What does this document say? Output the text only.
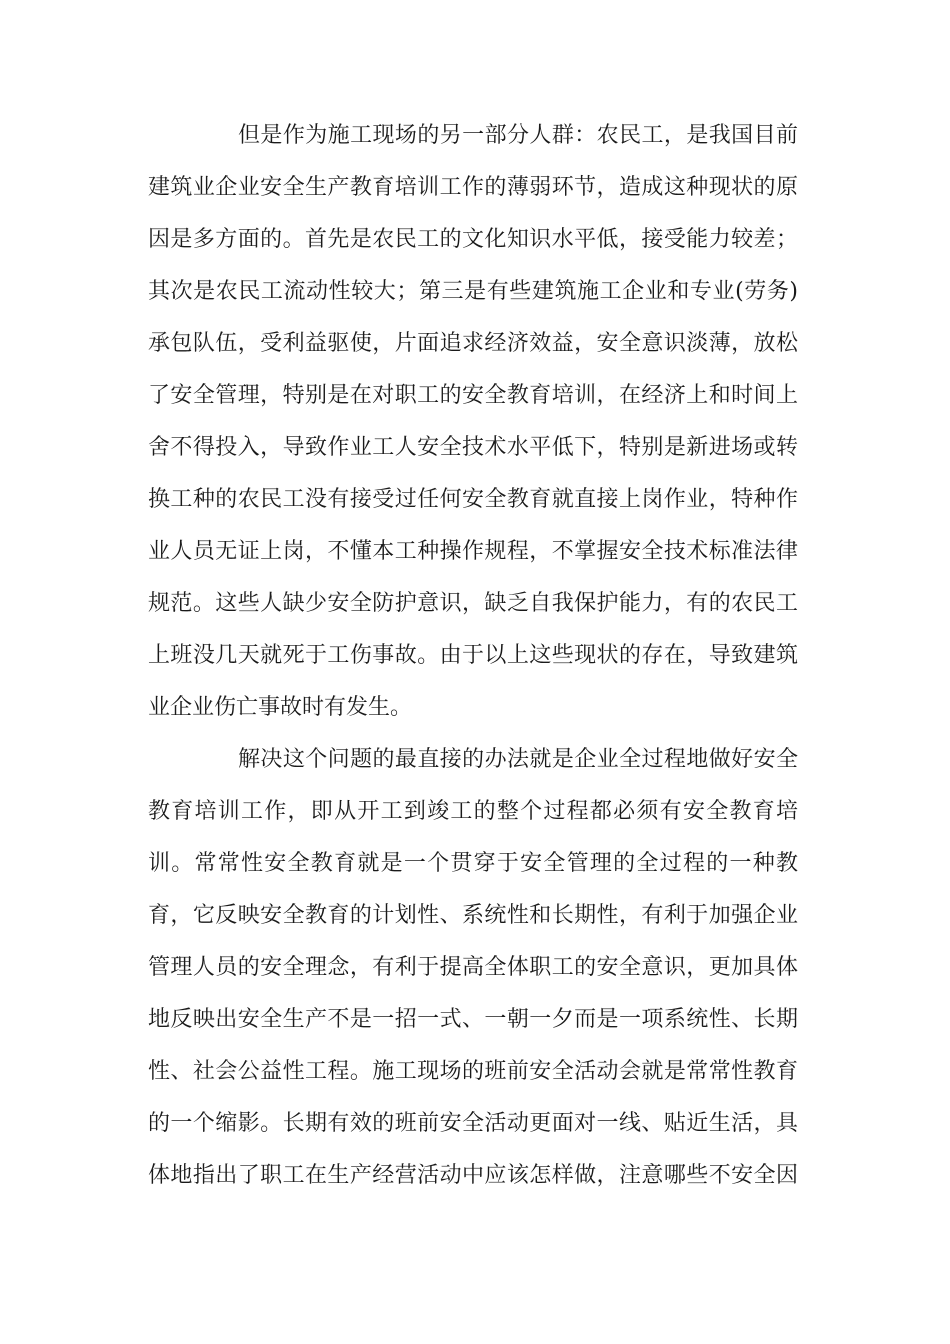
但是作为施工现场的另一部分人群：农民工，是我国目前
建筑业企业安全生产教育培训工作的薄弱环节，造成这种现状的原
因是多方面的。首先是农民工的文化知识水平低，接受能力较差；
其次是农民工流动性较大；第三是有些建筑施工企业和专业(劳务)
承包队伍，受利益驱使，片面追求经济效益，安全意识淡薄，放松
了安全管理，特别是在对职工的安全教育培训，在经济上和时间上
舍不得投入，导致作业工人安全技术水平低下，特别是新进场或转
换工种的农民工没有接受过任何安全教育就直接上岗作业，特种作
业人员无证上岗，不懂本工种操作规程，不掌握安全技术标准法律
规范。这些人缺少安全防护意识，缺乏自我保护能力，有的农民工
上班没几天就死于工伤事故。由于以上这些现状的存在，导致建筑
业企业伤亡事故时有发生。
解决这个问题的最直接的办法就是企业全过程地做好安全
教育培训工作，即从开工到竣工的整个过程都必须有安全教育培
训。常常性安全教育就是一个贯穿于安全管理的全过程的一种教
育，它反映安全教育的计划性、系统性和长期性，有利于加强企业
管理人员的安全理念，有利于提高全体职工的安全意识，更加具体
地反映出安全生产不是一招一式、一朝一夕而是一项系统性、长期
性、社会公益性工程。施工现场的班前安全活动会就是常常性教育
的一个缩影。长期有效的班前安全活动更面对一线、贴近生活，具
体地指出了职工在生产经营活动中应该怎样做，注意哪些不安全因
